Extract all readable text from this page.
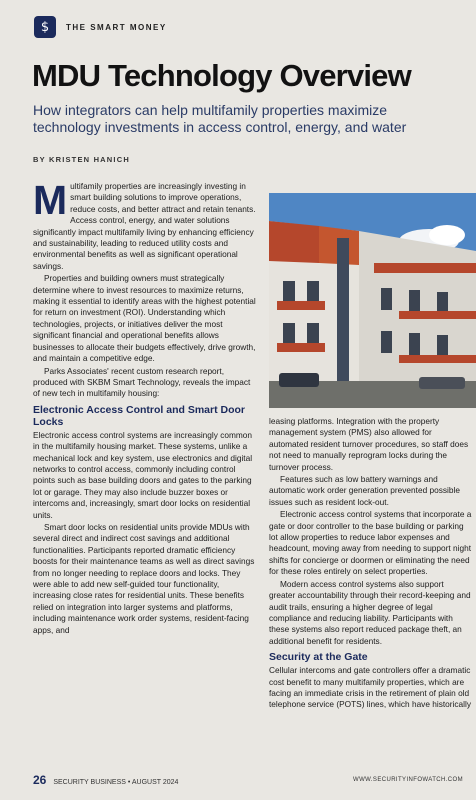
$	THE SMART MONEY
MDU Technology Overview

How integrators can help multifamily properties maximize technology investments in access control, energy, and water

BY KRISTEN HANICH

Multifamily properties are increasingly investing in smart building solutions to improve operations, reduce costs, and better attract and retain tenants. Access control, energy, and water solutions significantly impact multifamily living by enhancing efficiency and sustainability, leading to reduced utility costs and environmental benefits as well as significant operational savings.

Properties and building owners must strategically determine where to invest resources to maximize returns, making it essential to identify areas with the highest potential for return on investment (ROI). Understanding which technologies, projects, or initiatives deliver the most significant financial and operational benefits allows businesses to allocate their budgets effectively, drive growth, and maintain a competitive edge.

Parks Associates' recent custom research report, produced with SKBM Smart Technology, reveals the impact of new tech in multifamily housing:

Electronic Access Control and Smart Door Locks

Electronic access control systems are increasingly common in the multifamily housing market. These systems, unlike a mechanical lock and key system, use electronics and digital networks to control access, commonly including control points such as base building doors and gates to the parking lot or garage. They may also include buzzer boxes or intercoms and, increasingly, smart door locks on residential units.

Smart door locks on residential units provide MDUs with several direct and indirect cost savings and additional functionalities. Participants reported dramatic efficiency boosts for their maintenance teams as well as direct savings from no longer needing to replace doors and locks. They were able to add new self-guided tour functionality, increasing close rates for residential units. These benefits relied on integration into larger systems and platforms, including maintenance work order systems, resident-facing apps, and

leasing platforms. Integration with the property management system (PMS) also allowed for automated resident turnover procedures, so staff does not need to manually reprogram locks during the turnover process.

Features such as low battery warnings and automatic work order generation prevented possible issues such as resident lock-out.

Electronic access control systems that incorporate a gate or door controller to the base building or parking lot allow properties to reduce labor expenses and headcount, moving away from needing to support night shifts for concierge or doormen or eliminating the need for these roles entirely on select properties.

Modern access control systems also support greater accountability through their record-keeping and audit trails, ensuring a higher degree of legal compliance and reducing liability. Participants with these systems also report reduced package theft, an additional benefit for residents.

Security at the Gate

Cellular intercoms and gate controllers offer a dramatic cost benefit to many multifamily properties, which are facing an immediate crisis in the retirement of plain old telephone service (POTS) lines, which have historically

26 SECURITY BUSINESS • AUGUST 2024	WWW.SECURITYINFOWATCH.COM
